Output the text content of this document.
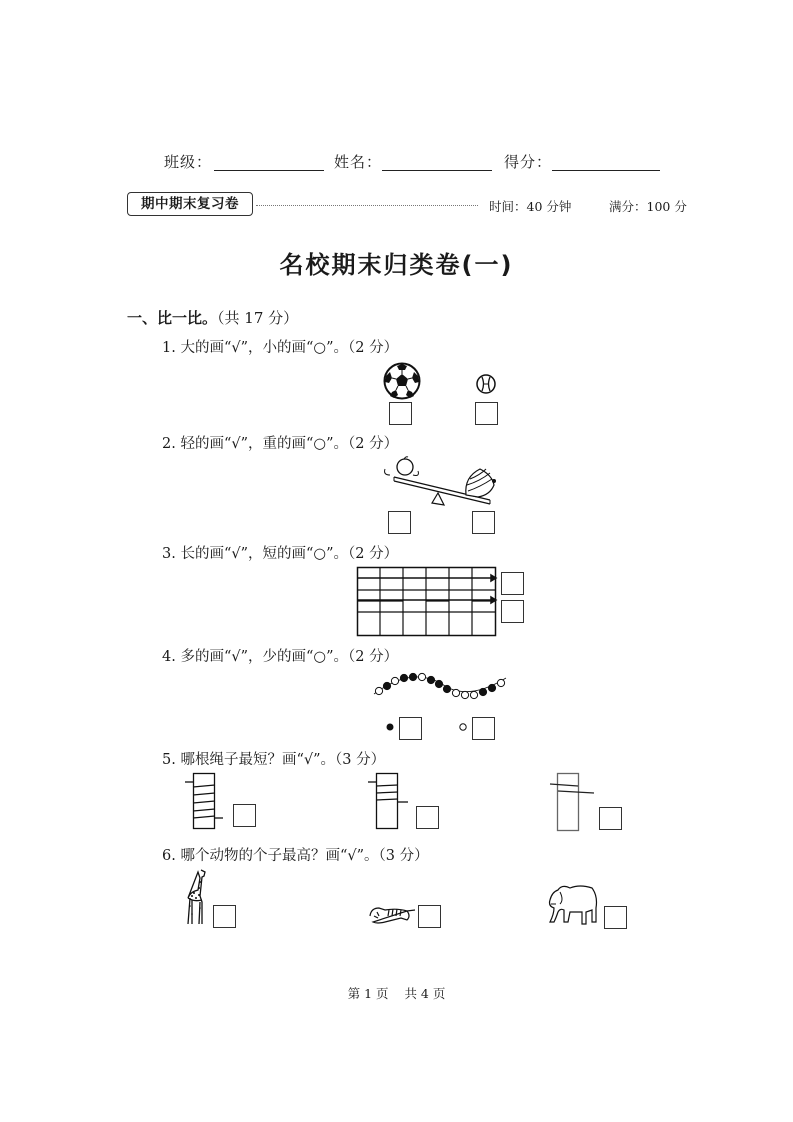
班级：	姓名：	得分：
期中期末复习卷	时间：40 分钟	满分：100 分
名校期末归类卷(一)
一、比一比。（共 17 分）
1. 大的画“√”，小的画“○”。（2 分）
2. 轻的画“√”，重的画“○”。（2 分）
3. 长的画“√”，短的画“○”。（2 分）
4. 多的画“√”，少的画“○”。（2 分）
5. 哪根绳子最短？画“√”。（3 分）
6. 哪个动物的个子最高？画“√”。（3 分）
第 1 页 共 4 页
